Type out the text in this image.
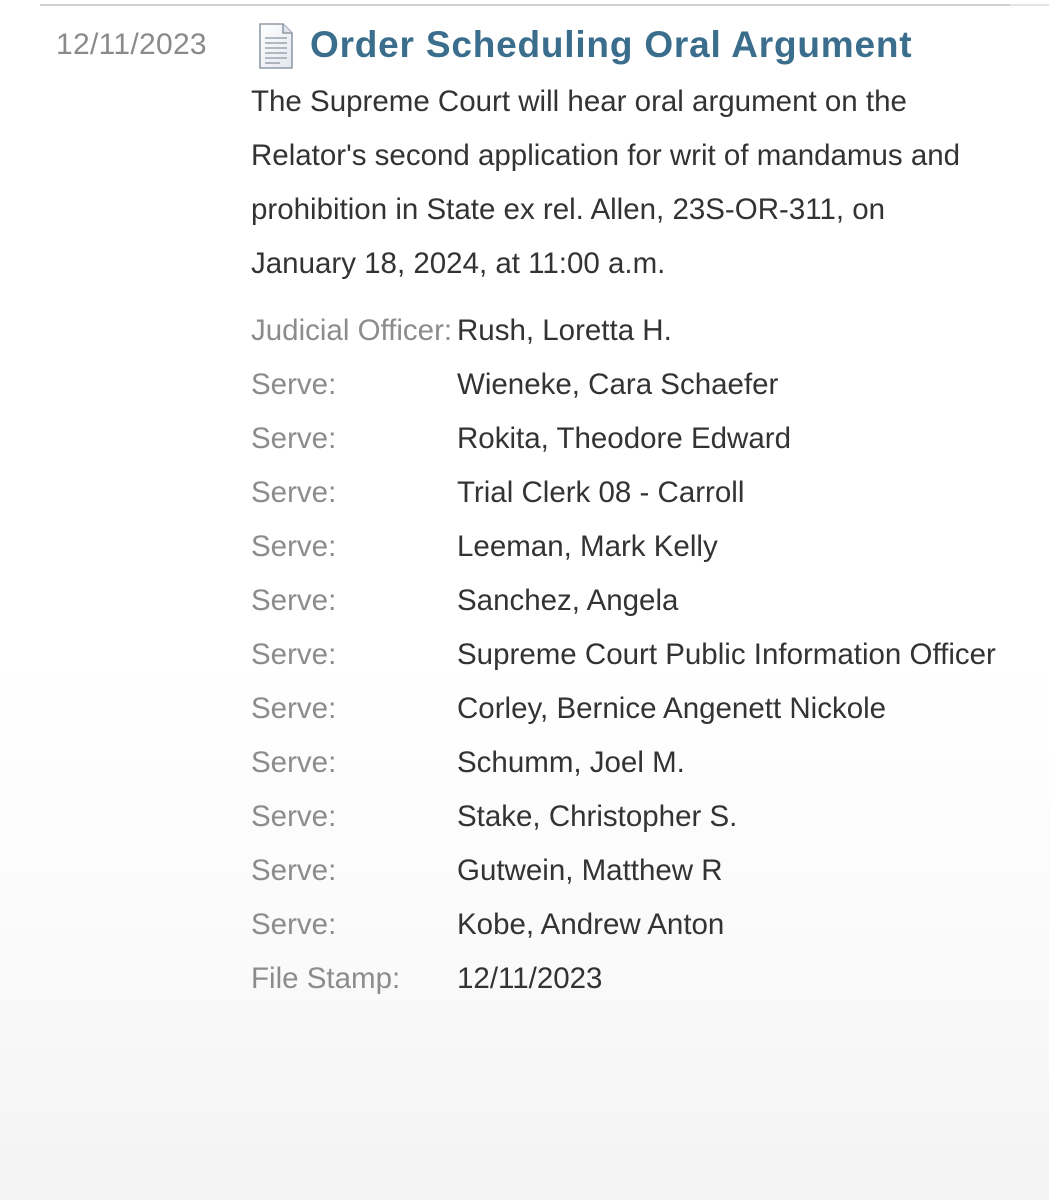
12/11/2023	Order Scheduling Oral Argument

The Supreme Court will hear oral argument on the Relator's second application for writ of mandamus and prohibition in State ex rel. Allen, 23S-OR-311, on January 18, 2024, at 11:00 a.m.

Judicial Officer:	Rush, Loretta H.
Serve:	Wieneke, Cara Schaefer
Serve:	Rokita, Theodore Edward
Serve:	Trial Clerk 08 - Carroll
Serve:	Leeman, Mark Kelly
Serve:	Sanchez, Angela
Serve:	Supreme Court Public Information Officer
Serve:	Corley, Bernice Angenett Nickole
Serve:	Schumm, Joel M.
Serve:	Stake, Christopher S.
Serve:	Gutwein, Matthew R
Serve:	Kobe, Andrew Anton
File Stamp:	12/11/2023
